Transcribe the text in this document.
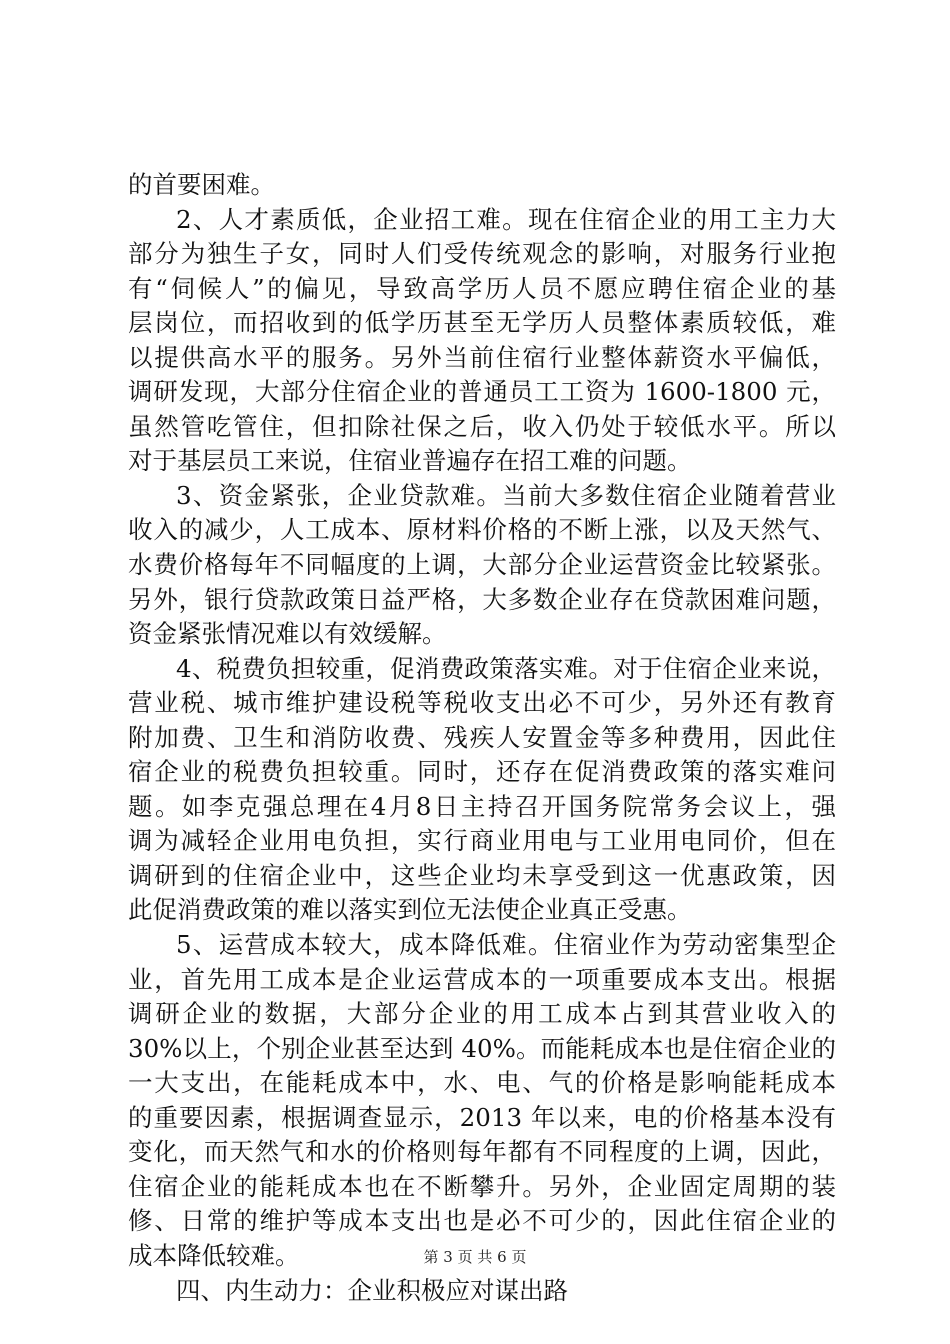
的首要困难。
2、人才素质低，企业招工难。现在住宿企业的用工主力大
部分为独生子女，同时人们受传统观念的影响，对服务行业抱
有“伺候人”的偏见，导致高学历人员不愿应聘住宿企业的基
层岗位，而招收到的低学历甚至无学历人员整体素质较低，难
以提供高水平的服务。另外当前住宿行业整体薪资水平偏低，
调研发现，大部分住宿企业的普通员工工资为 1600-1800 元，
虽然管吃管住，但扣除社保之后，收入仍处于较低水平。所以
对于基层员工来说，住宿业普遍存在招工难的问题。
3、资金紧张，企业贷款难。当前大多数住宿企业随着营业
收入的减少，人工成本、原材料价格的不断上涨，以及天然气、
水费价格每年不同幅度的上调，大部分企业运营资金比较紧张。
另外，银行贷款政策日益严格，大多数企业存在贷款困难问题，
资金紧张情况难以有效缓解。
4、税费负担较重，促消费政策落实难。对于住宿企业来说，
营业税、城市维护建设税等税收支出必不可少，另外还有教育
附加费、卫生和消防收费、残疾人安置金等多种费用，因此住
宿企业的税费负担较重。同时，还存在促消费政策的落实难问
题。如李克强总理在4月8日主持召开国务院常务会议上，强
调为减轻企业用电负担，实行商业用电与工业用电同价，但在
调研到的住宿企业中，这些企业均未享受到这一优惠政策，因
此促消费政策的难以落实到位无法使企业真正受惠。
5、运营成本较大，成本降低难。住宿业作为劳动密集型企
业，首先用工成本是企业运营成本的一项重要成本支出。根据
调研企业的数据，大部分企业的用工成本占到其营业收入的
30%以上，个别企业甚至达到 40%。而能耗成本也是住宿企业的
一大支出，在能耗成本中，水、电、气的价格是影响能耗成本
的重要因素，根据调查显示，2013 年以来，电的价格基本没有
变化，而天然气和水的价格则每年都有不同程度的上调，因此，
住宿企业的能耗成本也在不断攀升。另外，企业固定周期的装
修、日常的维护等成本支出也是必不可少的，因此住宿企业的
成本降低较难。
四、内生动力：企业积极应对谋出路
第 3 页 共 6 页
